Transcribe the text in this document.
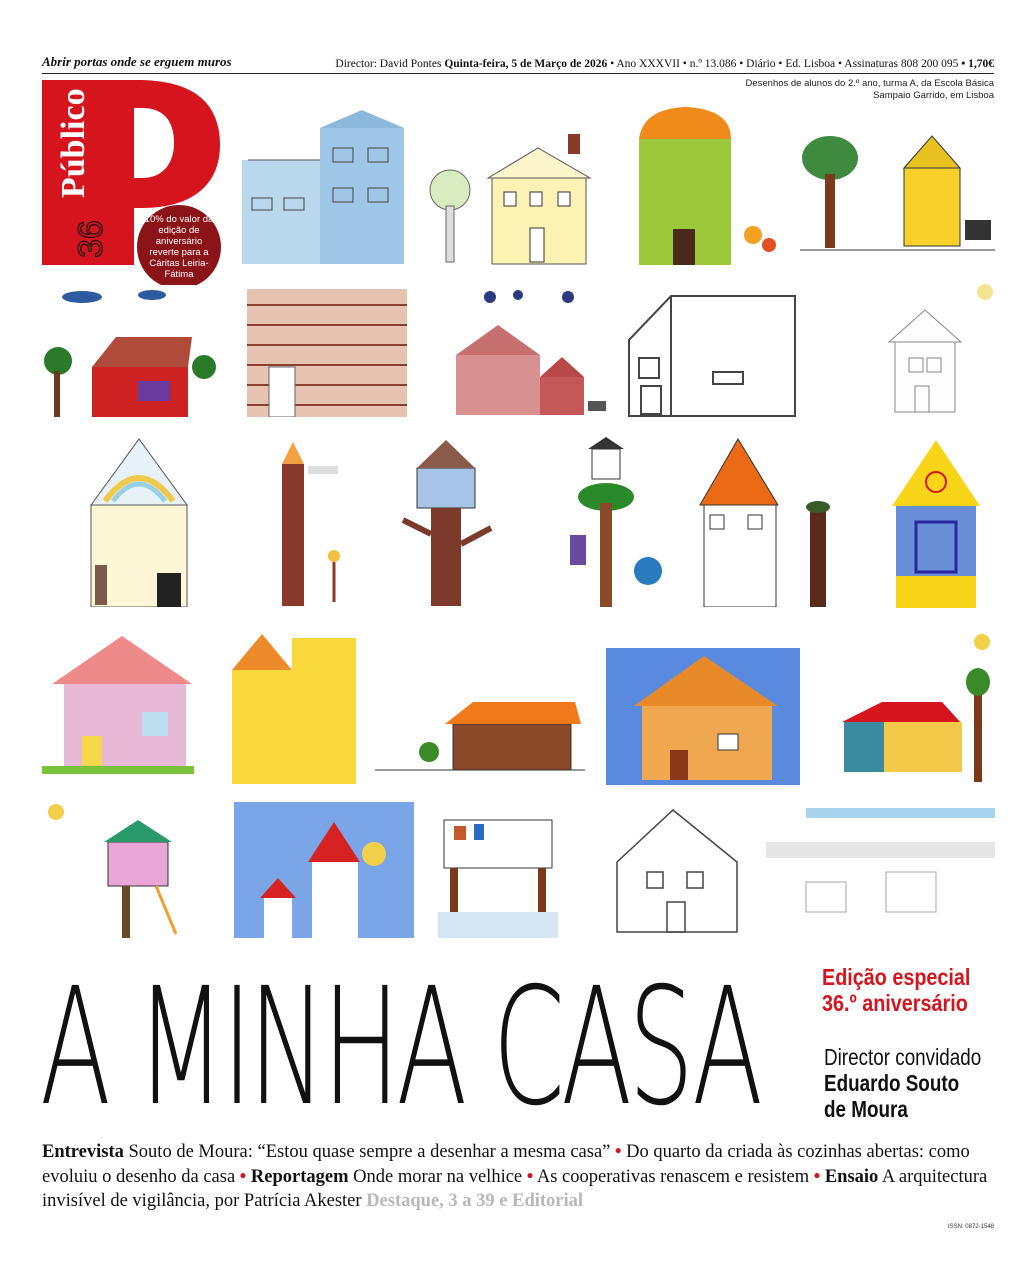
Abrir portas onde se erguem muros	Director: David Pontes Quinta-feira, 5 de Março de 2026 • Ano XXXVII • n.º 13.086 • Diário • Ed. Lisboa • Assinaturas 808 200 095 • 1,70€
Desenhos de alunos do 2.º ano, turma A, da Escola Básica Sampaio Garrido, em Lisboa
Público
36
10% do valor da edição de aniversário reverte para a Cáritas Leiria-Fátima
A MINHA CASA	Edição especial
36.º aniversário
Director convidado
Eduardo Souto
de Moura
Entrevista Souto de Moura: “Estou quase sempre a desenhar a mesma casa” • Do quarto da criada às cozinhas abertas: como evoluiu o desenho da casa • Reportagem Onde morar na velhice • As cooperativas renascem e resistem • Ensaio A arquitectura invisível de vigilância, por Patrícia Akester Destaque, 3 a 39 e Editorial
ISSN: 0872-1548
